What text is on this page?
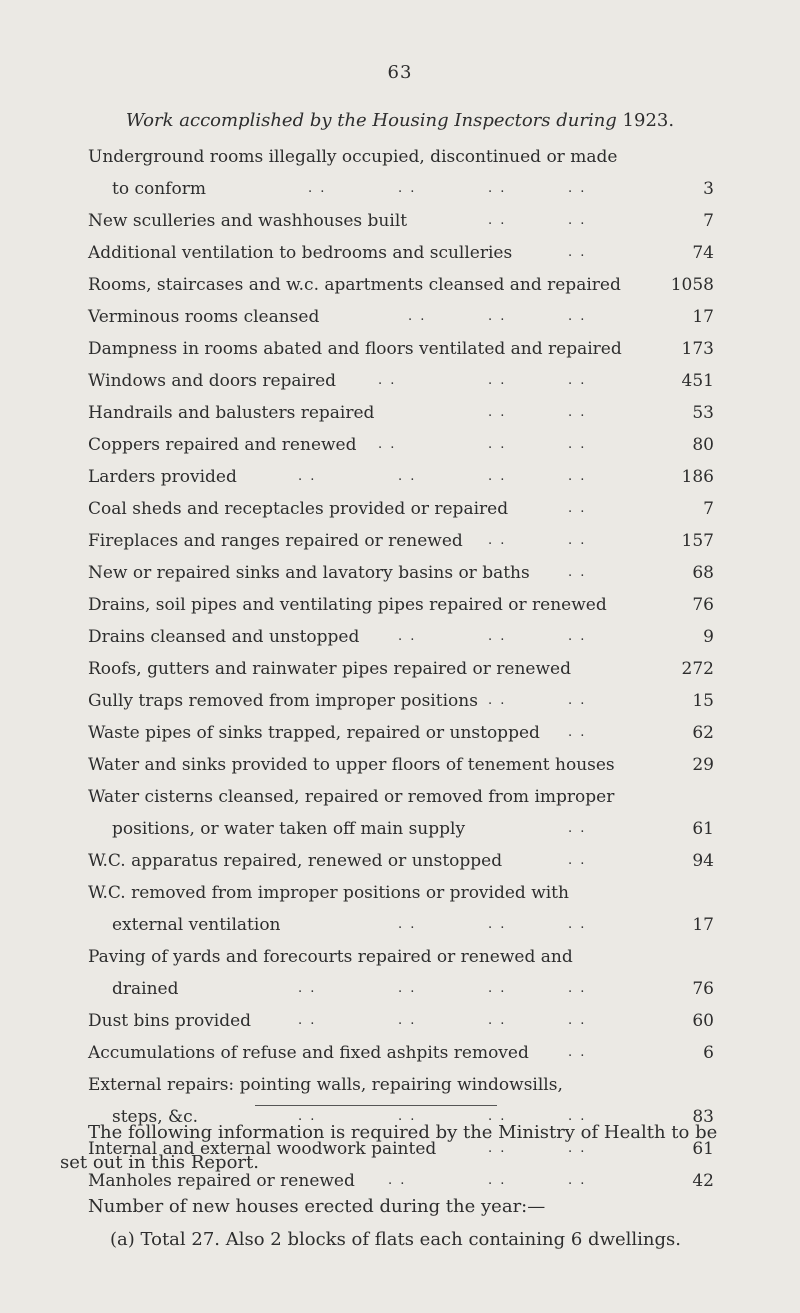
63
Work accomplished by the Housing Inspectors during 1923.
Underground rooms illegally occupied, discontinued or made
to conform	. .	. .	. .	. .	3
New sculleries and washhouses built	. .	. .	7
Additional ventilation to bedrooms and sculleries	. .	74
Rooms, staircases and w.c. apartments cleansed and repaired	1058
Verminous rooms cleansed	. .	. .	. .	17
Dampness in rooms abated and floors ventilated and repaired	173
Windows and doors repaired	. .	. .	. .	451
Handrails and balusters repaired	. .	. .	53
Coppers repaired and renewed . .	. .	. .	80
Larders provided	. .	. .	. .	. .	186
Coal sheds and receptacles provided or repaired	. .	7
Fireplaces and ranges repaired or renewed . .	. .	157
New or repaired sinks and lavatory basins or baths	. .	68
Drains, soil pipes and ventilating pipes repaired or renewed	76
Drains cleansed and unstopped	. .	. .	. .	9
Roofs, gutters and rainwater pipes repaired or renewed	272
Gully traps removed from improper positions . .	. .	15
Waste pipes of sinks trapped, repaired or unstopped . .	62
Water and sinks provided to upper floors of tenement houses	29
Water cisterns cleansed, repaired or removed from improper
positions, or water taken off main supply	. .	61
W.C. apparatus repaired, renewed or unstopped	. .	94
W.C. removed from improper positions or provided with
external ventilation	. .	. .	. .	17
Paving of yards and forecourts repaired or renewed and
drained	. .	. .	. .	. .	76
Dust bins provided	. .	. .	. .	. .	60
Accumulations of refuse and fixed ashpits removed	. .	6
External repairs: pointing walls, repairing windowsills,
steps, &c.	. .	. .	. .	. .	83
Internal and external woodwork painted	. .	. .	61
Manholes repaired or renewed	. .	. .	. .	42
The following information is required by the Ministry of Health to be set out in this Report.
Number of new houses erected during the year:—
(a) Total 27. Also 2 blocks of flats each containing 6 dwellings.
